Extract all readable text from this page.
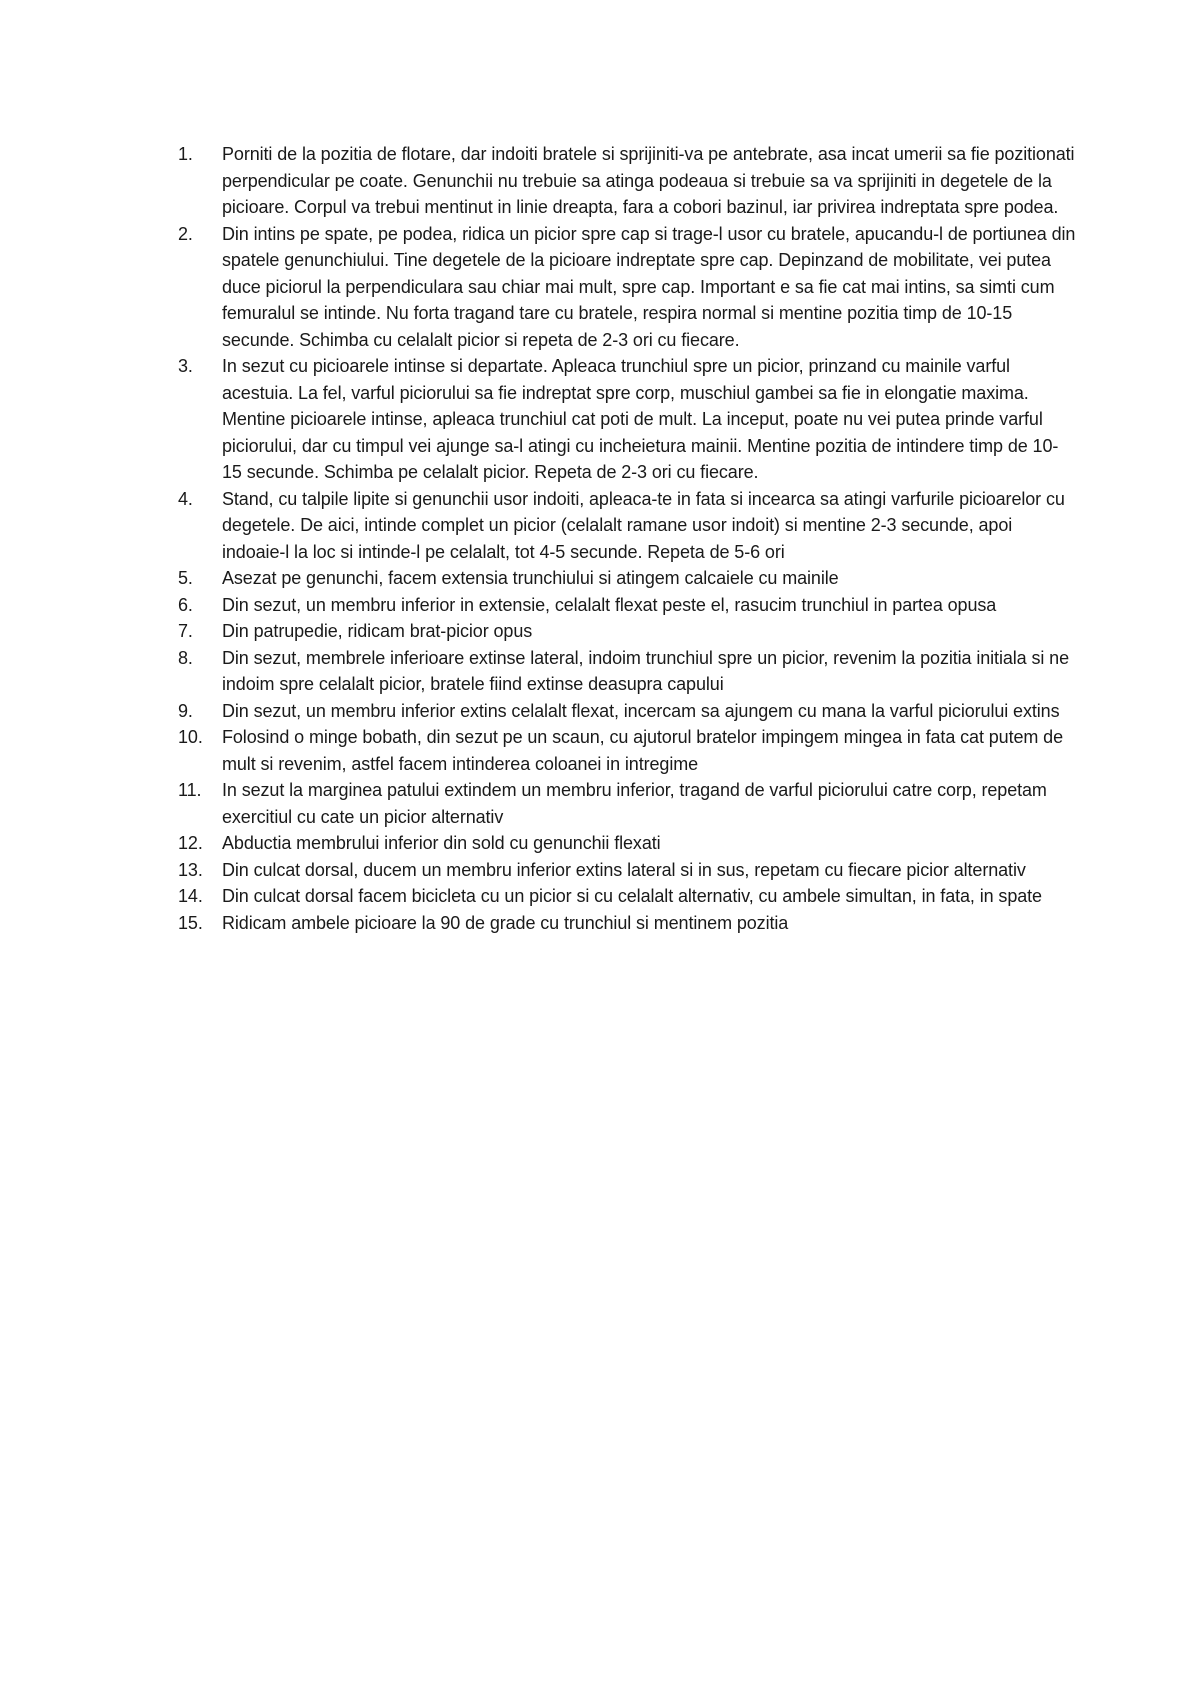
1.	Porniti de la pozitia de flotare, dar indoiti bratele si sprijiniti-va pe antebrate, asa incat umerii sa fie pozitionati perpendicular pe coate. Genunchii nu trebuie sa atinga podeaua si trebuie sa va sprijiniti in degetele de la picioare. Corpul va trebui mentinut in linie dreapta, fara a cobori bazinul, iar privirea indreptata spre podea.
2.	Din intins pe spate, pe podea, ridica un picior spre cap si trage-l usor cu bratele, apucandu-l de portiunea din spatele genunchiului. Tine degetele de la picioare indreptate spre cap. Depinzand de mobilitate, vei putea duce piciorul la perpendiculara sau chiar mai mult, spre cap. Important e sa fie cat mai intins, sa simti cum femuralul se intinde. Nu forta tragand tare cu bratele, respira normal si mentine pozitia timp de 10-15 secunde. Schimba cu celalalt picior si repeta de 2-3 ori cu fiecare.
3.	In sezut cu picioarele intinse si departate. Apleaca trunchiul spre un picior, prinzand cu mainile varful acestuia. La fel, varful piciorului sa fie indreptat spre corp, muschiul gambei sa fie in elongatie maxima. Mentine picioarele intinse, apleaca trunchiul cat poti de mult. La inceput, poate nu vei putea prinde varful piciorului, dar cu timpul vei ajunge sa-l atingi cu incheietura mainii. Mentine pozitia de intindere timp de 10-15 secunde. Schimba pe celalalt picior. Repeta de 2-3 ori cu fiecare.
4.	Stand, cu talpile lipite si genunchii usor indoiti, apleaca-te in fata si incearca sa atingi varfurile picioarelor cu degetele. De aici, intinde complet un picior (celalalt ramane usor indoit) si mentine 2-3 secunde, apoi indoaie-l la loc si intinde-l pe celalalt, tot 4-5 secunde. Repeta de 5-6 ori
5.	Asezat pe genunchi, facem extensia trunchiului si atingem calcaiele cu mainile
6.	Din sezut, un membru inferior in extensie, celalalt flexat peste el, rasucim trunchiul in partea opusa
7.	Din patrupedie, ridicam brat-picior opus
8.	Din sezut, membrele inferioare extinse lateral, indoim trunchiul spre un picior, revenim la pozitia initiala si ne indoim spre celalalt picior, bratele fiind extinse deasupra capului
9.	Din sezut, un membru inferior extins celalalt flexat, incercam sa ajungem cu mana la varful piciorului extins
10.	Folosind o minge bobath, din sezut pe un scaun, cu ajutorul bratelor impingem mingea in fata cat putem de mult si revenim, astfel facem intinderea coloanei in intregime
11.	In sezut la marginea patului extindem un membru inferior, tragand de varful piciorului catre corp, repetam exercitiul cu cate un picior alternativ
12.	Abductia membrului inferior din sold cu genunchii flexati
13.	Din culcat dorsal, ducem un membru inferior extins lateral si in sus, repetam cu fiecare picior alternativ
14.	Din culcat dorsal facem bicicleta cu un picior si cu celalalt alternativ, cu ambele simultan, in fata, in spate
15.	Ridicam ambele picioare la 90 de grade cu trunchiul si mentinem pozitia
